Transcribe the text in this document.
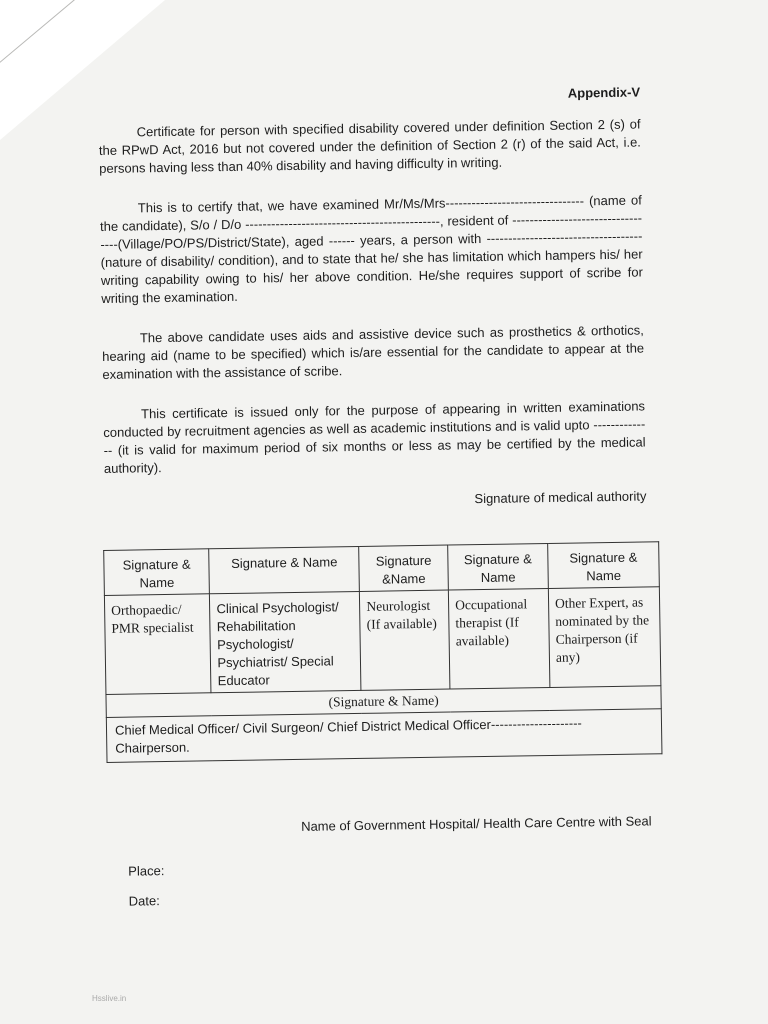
Appendix-V

Certificate for person with specified disability covered under definition Section 2 (s) of the RPwD Act, 2016 but not covered under the definition of Section 2 (r) of the said Act, i.e. persons having less than 40% disability and having difficulty in writing.

This is to certify that, we have examined Mr/Ms/Mrs-------------------------------- (name of the candidate), S/o / D/o ---------------------------------------------, resident of ----------------------------------(Village/PO/PS/District/State), aged ------ years, a person with ------------------------------------(nature of disability/ condition), and to state that he/ she has limitation which hampers his/ her writing capability owing to his/ her above condition. He/she requires support of scribe for writing the examination.

The above candidate uses aids and assistive device such as prosthetics & orthotics, hearing aid (name to be specified) which is/are essential for the candidate to appear at the examination with the assistance of scribe.

This certificate is issued only for the purpose of appearing in written examinations conducted by recruitment agencies as well as academic institutions and is valid upto -------------- (it is valid for maximum period of six months or less as may be certified by the medical authority).

Signature of medical authority
Signature & Name	Signature & Name	Signature &Name	Signature & Name	Signature & Name
Orthopaedic/ PMR specialist	Clinical Psychologist/ Rehabilitation Psychologist/ Psychiatrist/ Special Educator	Neurologist (If available)	Occupational therapist (If available)	Other Expert, as nominated by the Chairperson (if any)
(Signature & Name)				

Chief Medical Officer/ Civil Surgeon/ Chief District Medical Officer---------------------
Chairperson.				
Name of Government Hospital/ Health Care Centre with Seal
Place:
Date:
Hsslive.in
